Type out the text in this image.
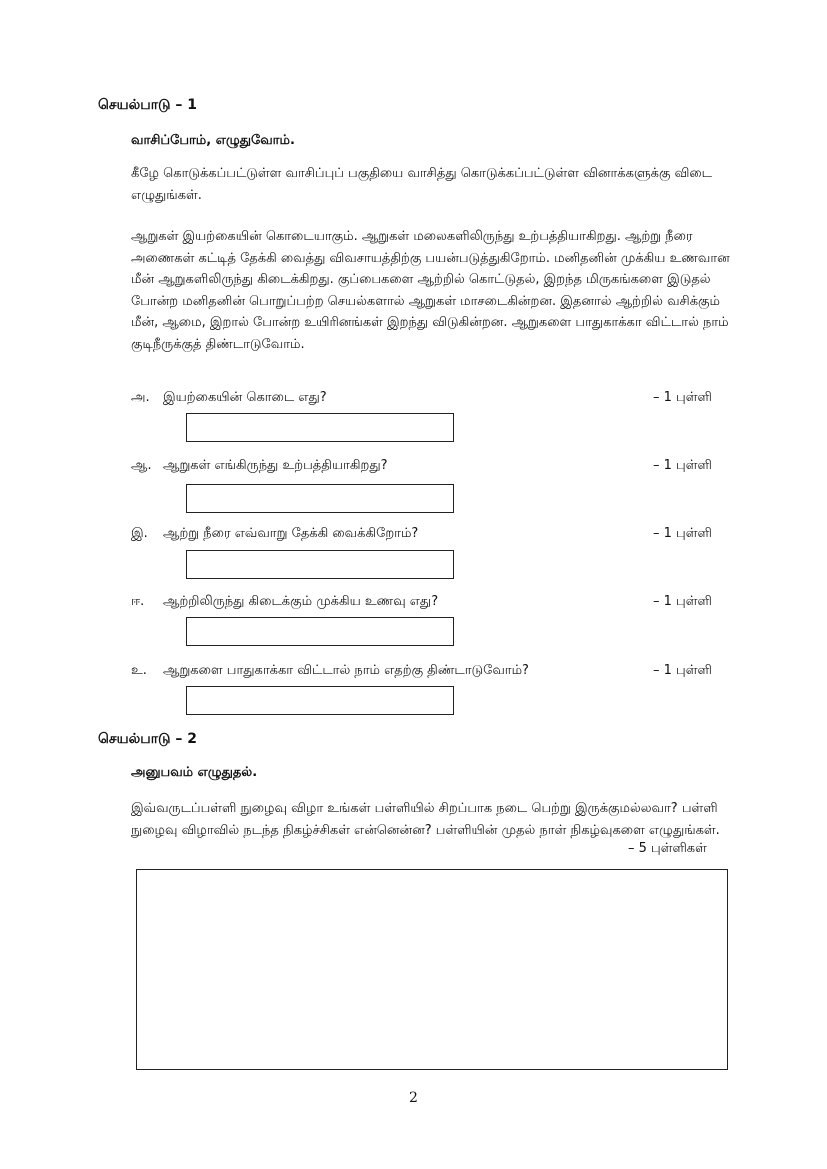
செயல்பாடு – 1
வாசிப்போம், எழுதுவோம்.

கீழே கொடுக்கப்பட்டுள்ள வாசிப்புப் பகுதியை வாசித்து கொடுக்கப்பட்டுள்ள வினாக்களுக்கு விடை எழுதுங்கள்.

ஆறுகள் இயற்கையின் கொடையாகும். ஆறுகள் மலைகளிலிருந்து உற்பத்தியாகிறது. ஆற்று நீரை அணைகள் கட்டித் தேக்கி வைத்து விவசாயத்திற்கு பயன்படுத்துகிறோம். மனிதனின் முக்கிய உணவான மீன் ஆறுகளிலிருந்து கிடைக்கிறது. குப்பைகளை ஆற்றில் கொட்டுதல், இறந்த மிருகங்களை இடுதல் போன்ற மனிதனின் பொறுப்பற்ற செயல்களால் ஆறுகள் மாசடைகின்றன. இதனால் ஆற்றில் வசிக்கும் மீன், ஆமை, இறால் போன்ற உயிரினங்கள் இறந்து விடுகின்றன. ஆறுகளை பாதுகாக்கா விட்டால் நாம் குடிநீருக்குத் திண்டாடுவோம்.

அ. இயற்கையின் கொடை எது?	– 1 புள்ளி
ஆ. ஆறுகள் எங்கிருந்து உற்பத்தியாகிறது?	– 1 புள்ளி
இ. ஆற்று நீரை எவ்வாறு தேக்கி வைக்கிறோம்?	– 1 புள்ளி
ஈ. ஆற்றிலிருந்து கிடைக்கும் முக்கிய உணவு எது?	– 1 புள்ளி
உ. ஆறுகளை பாதுகாக்கா விட்டால் நாம் எதற்கு திண்டாடுவோம்?	– 1 புள்ளி
செயல்பாடு – 2
அனுபவம் எழுதுதல்.

இவ்வருடப்பள்ளி நுழைவு விழா உங்கள் பள்ளியில் சிறப்பாக நடை பெற்று இருக்குமல்லவா? பள்ளி நுழைவு விழாவில் நடந்த நிகழ்ச்சிகள் என்னென்ன? பள்ளியின் முதல் நாள் நிகழ்வுகளை எழுதுங்கள்.

– 5 புள்ளிகள்
2
